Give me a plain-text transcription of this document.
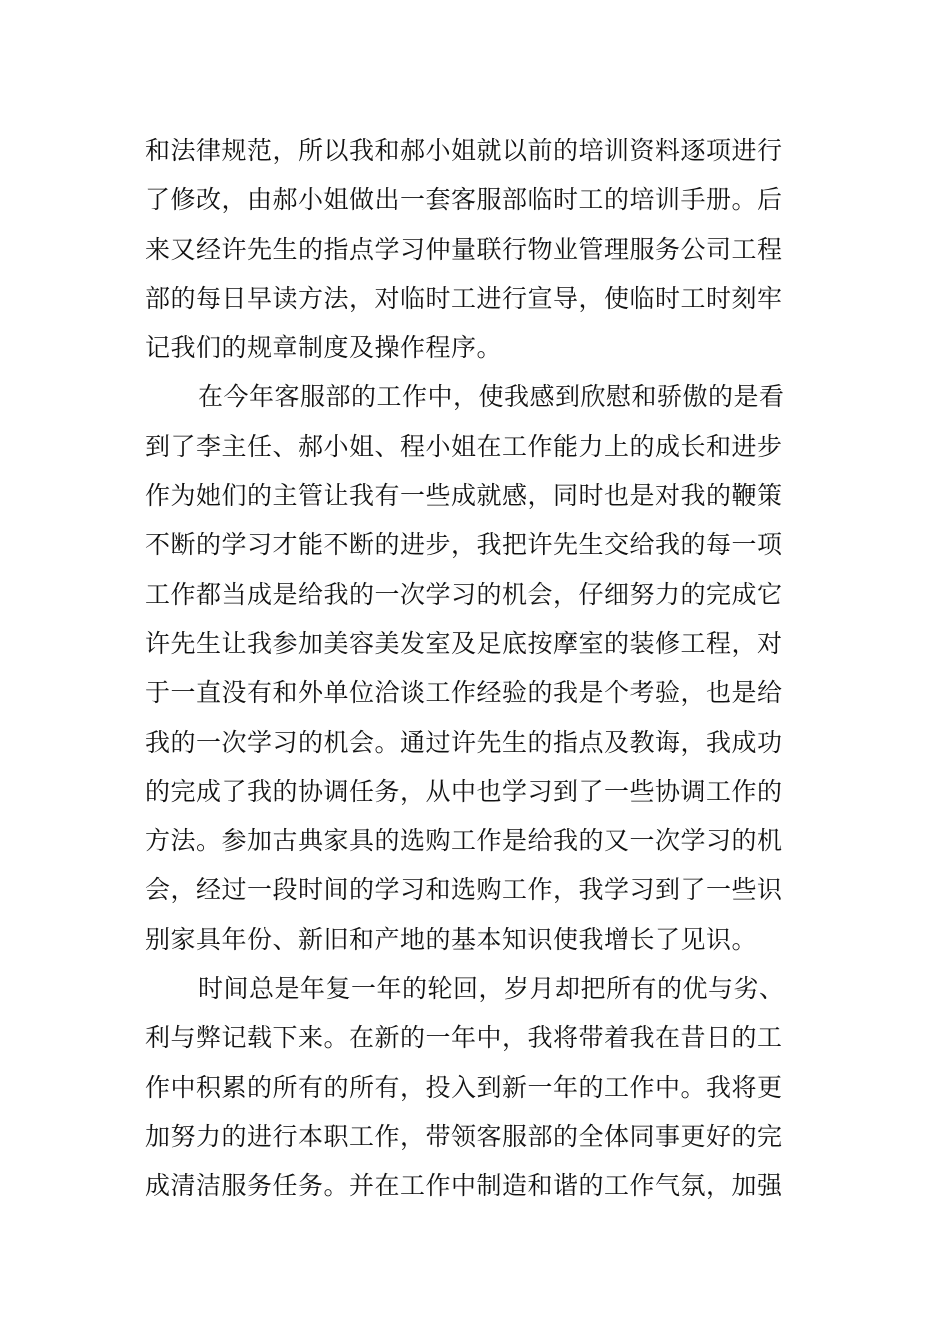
和法律规范，所以我和郝小姐就以前的培训资料逐项进行
了修改，由郝小姐做出一套客服部临时工的培训手册。后
来又经许先生的指点学习仲量联行物业管理服务公司工程
部的每日早读方法，对临时工进行宣导，使临时工时刻牢
记我们的规章制度及操作程序。
在今年客服部的工作中，使我感到欣慰和骄傲的是看
到了李主任、郝小姐、程小姐在工作能力上的成长和进步
作为她们的主管让我有一些成就感，同时也是对我的鞭策
不断的学习才能不断的进步，我把许先生交给我的每一项
工作都当成是给我的一次学习的机会，仔细努力的完成它
许先生让我参加美容美发室及足底按摩室的装修工程，对
于一直没有和外单位洽谈工作经验的我是个考验，也是给
我的一次学习的机会。通过许先生的指点及教诲，我成功
的完成了我的协调任务，从中也学习到了一些协调工作的
方法。参加古典家具的选购工作是给我的又一次学习的机
会，经过一段时间的学习和选购工作，我学习到了一些识
别家具年份、新旧和产地的基本知识使我增长了见识。
时间总是年复一年的轮回，岁月却把所有的优与劣、
利与弊记载下来。在新的一年中，我将带着我在昔日的工
作中积累的所有的所有，投入到新一年的工作中。我将更
加努力的进行本职工作，带领客服部的全体同事更好的完
成清洁服务任务。并在工作中制造和谐的工作气氛，加强
